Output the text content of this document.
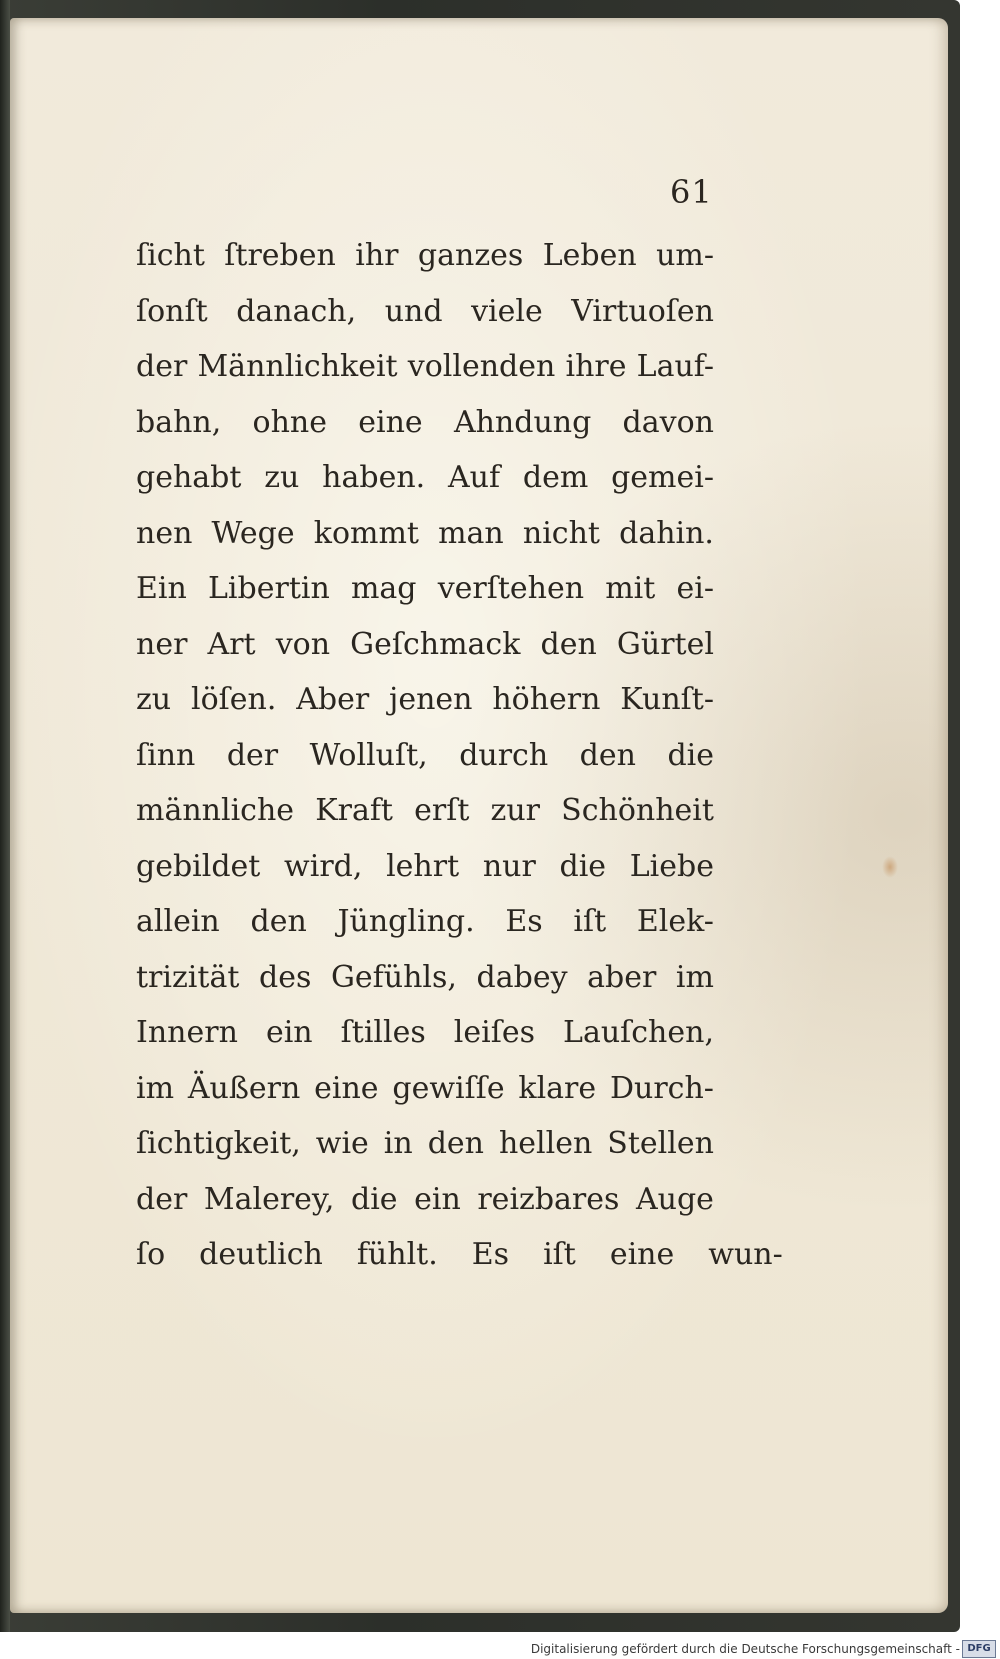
61
ſicht ſtreben ihr ganzes Leben um-
ſonſt danach, und viele Virtuoſen
der Männlichkeit vollenden ihre Lauf-
bahn, ohne eine Ahndung davon
gehabt zu haben. Auf dem gemei-
nen Wege kommt man nicht dahin.
Ein Libertin mag verſtehen mit ei-
ner Art von Geſchmack den Gürtel
zu löſen. Aber jenen höhern Kunſt-
ſinn der Wolluſt, durch den die
männliche Kraft erſt zur Schönheit
gebildet wird, lehrt nur die Liebe
allein den Jüngling. Es iſt Elek-
trizität des Gefühls, dabey aber im
Innern ein ſtilles leiſes Lauſchen,
im Äußern eine gewiſſe klare Durch-
ſichtigkeit, wie in den hellen Stellen
der Malerey, die ein reizbares Auge
ſo deutlich fühlt. Es iſt eine wun-
Digitalisierung gefördert durch die Deutsche Forschungsgemeinschaft - DFG
